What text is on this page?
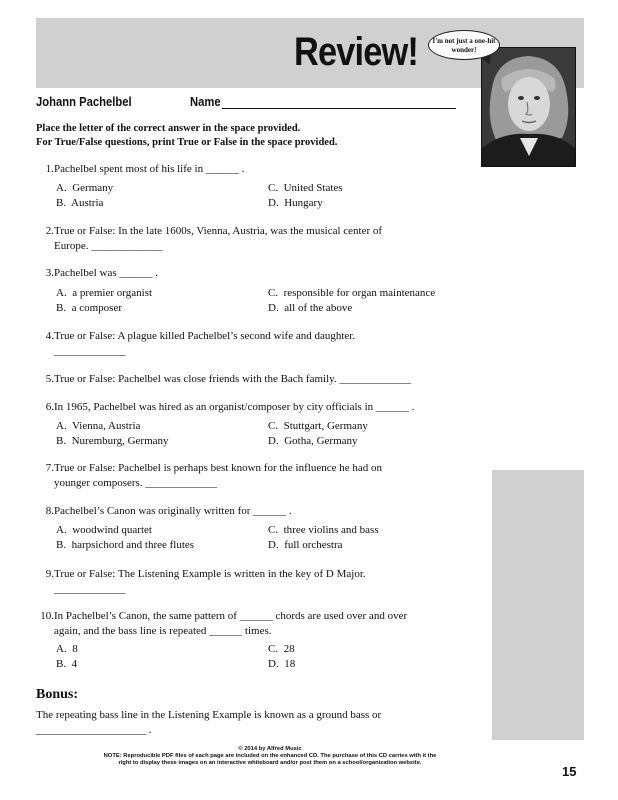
Review!	I'm not just a one-hit wonder!
Johann Pachelbel	Name
Place the letter of the correct answer in the space provided.
For True/False questions, print True or False in the space provided.
1. Pachelbel spent most of his life in ______ .
A. Germany
B. Austria
C. United States
D. Hungary
2. True or False: In the late 1600s, Vienna, Austria, was the musical center of
Europe. _____________
3. Pachelbel was ______ .
A. a premier organist
B. a composer
C. responsible for organ maintenance
D. all of the above
4. True or False: A plague killed Pachelbel’s second wife and daughter.
_____________
5. True or False: Pachelbel was close friends with the Bach family. _____________
6. In 1965, Pachelbel was hired as an organist/composer by city officials in ______ .
A. Vienna, Austria
B. Nuremburg, Germany
C. Stuttgart, Germany
D. Gotha, Germany
7. True or False: Pachelbel is perhaps best known for the influence he had on
younger composers. _____________
8. Pachelbel’s Canon was originally written for ______ .
A. woodwind quartet
B. harpsichord and three flutes
C. three violins and bass
D. full orchestra
9. True or False: The Listening Example is written in the key of D Major.
_____________
10. In Pachelbel’s Canon, the same pattern of ______ chords are used over and over
again, and the bass line is repeated ______ times.
A. 8
B. 4
C. 28
D. 18
Bonus:
The repeating bass line in the Listening Example is known as a ground bass or
____________________ .
© 2014 by Alfred Music
NOTE: Reproducible PDF files of each page are included on the enhanced CD. The purchase of this CD carries with it the
right to display these images on an interactive whiteboard and/or post them on a school/organization website.
15
